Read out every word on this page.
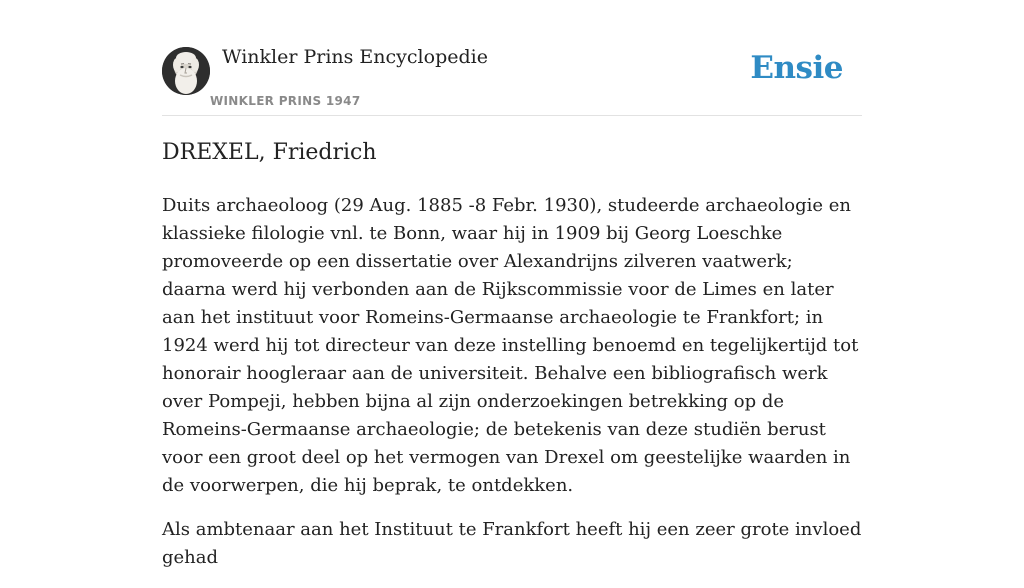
Winkler Prins Encyclopedie
WINKLER PRINS 1947
Ensie
DREXEL, Friedrich

Duits archaeoloog (29 Aug. 1885 -8 Febr. 1930), studeerde archaeologie en klassieke filologie vnl. te Bonn, waar hij in 1909 bij Georg Loeschke promoveerde op een dissertatie over Alexandrijns zilveren vaatwerk; daarna werd hij verbonden aan de Rijkscommissie voor de Limes en later aan het instituut voor Romeins-Germaanse archaeologie te Frankfort; in 1924 werd hij tot directeur van deze instelling benoemd en tegelijkertijd tot honorair hoogleraar aan de universiteit. Behalve een bibliografisch werk over Pompeji, hebben bijna al zijn onderzoekingen betrekking op de Romeins-Germaanse archaeologie; de betekenis van deze studiën berust voor een groot deel op het vermogen van Drexel om geestelijke waarden in de voorwerpen, die hij beprak, te ontdekken.

Als ambtenaar aan het Instituut te Frankfort heeft hij een zeer grote invloed gehad
